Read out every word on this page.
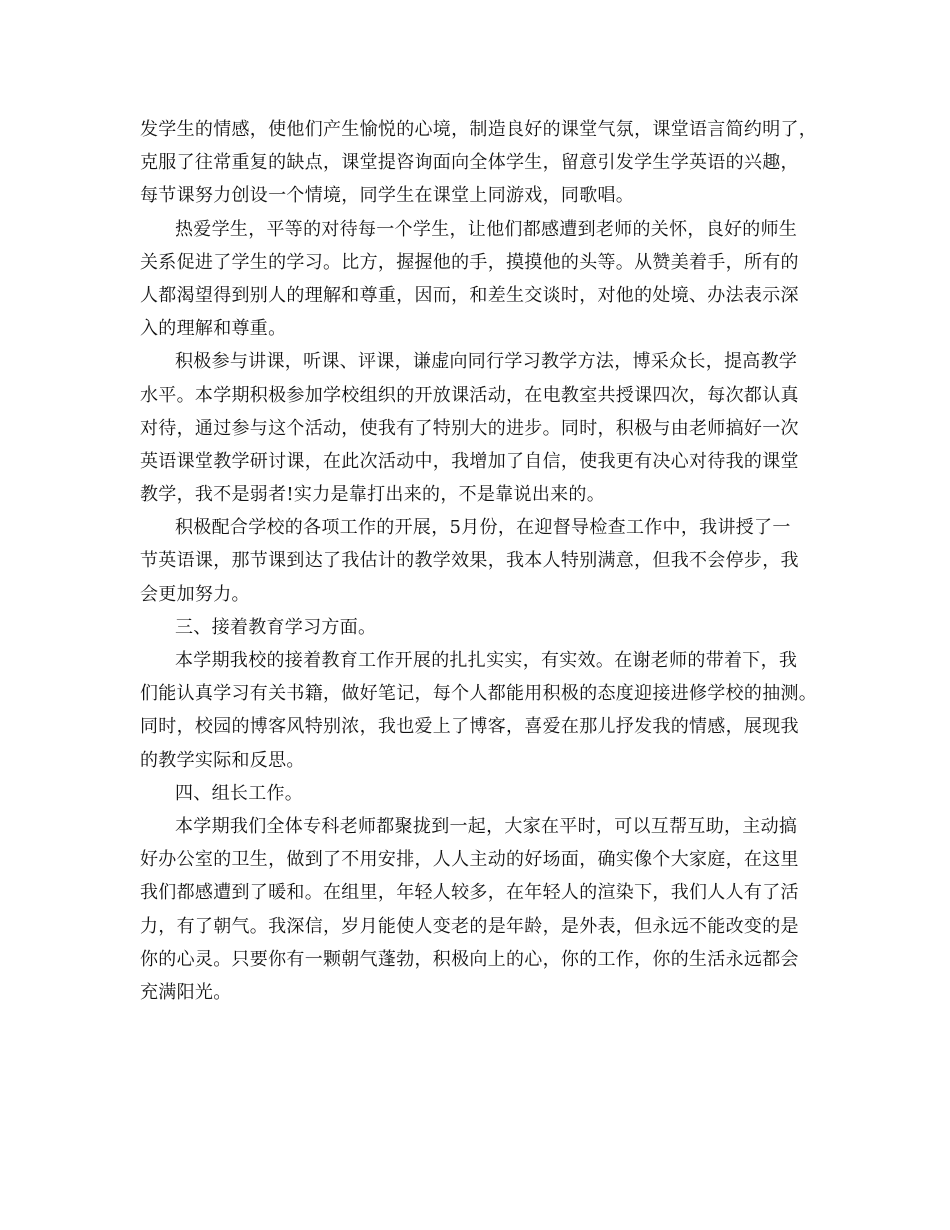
发学生的情感，使他们产生愉悦的心境，制造良好的课堂气氛，课堂语言简约明了，
克服了往常重复的缺点，课堂提咨询面向全体学生，留意引发学生学英语的兴趣，
每节课努力创设一个情境，同学生在课堂上同游戏，同歌唱。
热爱学生，平等的对待每一个学生，让他们都感遭到老师的关怀，良好的师生
关系促进了学生的学习。比方，握握他的手，摸摸他的头等。从赞美着手，所有的
人都渴望得到别人的理解和尊重，因而，和差生交谈时，对他的处境、办法表示深
入的理解和尊重。
积极参与讲课，听课、评课，谦虚向同行学习教学方法，博采众长，提高教学
水平。本学期积极参加学校组织的开放课活动，在电教室共授课四次，每次都认真
对待，通过参与这个活动，使我有了特别大的进步。同时，积极与由老师搞好一次
英语课堂教学研讨课，在此次活动中，我增加了自信，使我更有决心对待我的课堂
教学，我不是弱者!实力是靠打出来的，不是靠说出来的。
积极配合学校的各项工作的开展，5月份，在迎督导检查工作中，我讲授了一
节英语课，那节课到达了我估计的教学效果，我本人特别满意，但我不会停步，我
会更加努力。
三、接着教育学习方面。
本学期我校的接着教育工作开展的扎扎实实，有实效。在谢老师的带着下，我
们能认真学习有关书籍，做好笔记，每个人都能用积极的态度迎接进修学校的抽测。
同时，校园的博客风特别浓，我也爱上了博客，喜爱在那儿抒发我的情感，展现我
的教学实际和反思。
四、组长工作。
本学期我们全体专科老师都聚拢到一起，大家在平时，可以互帮互助，主动搞
好办公室的卫生，做到了不用安排，人人主动的好场面，确实像个大家庭，在这里
我们都感遭到了暖和。在组里，年轻人较多，在年轻人的渲染下，我们人人有了活
力，有了朝气。我深信，岁月能使人变老的是年龄，是外表，但永远不能改变的是
你的心灵。只要你有一颗朝气蓬勃，积极向上的心，你的工作，你的生活永远都会
充满阳光。
